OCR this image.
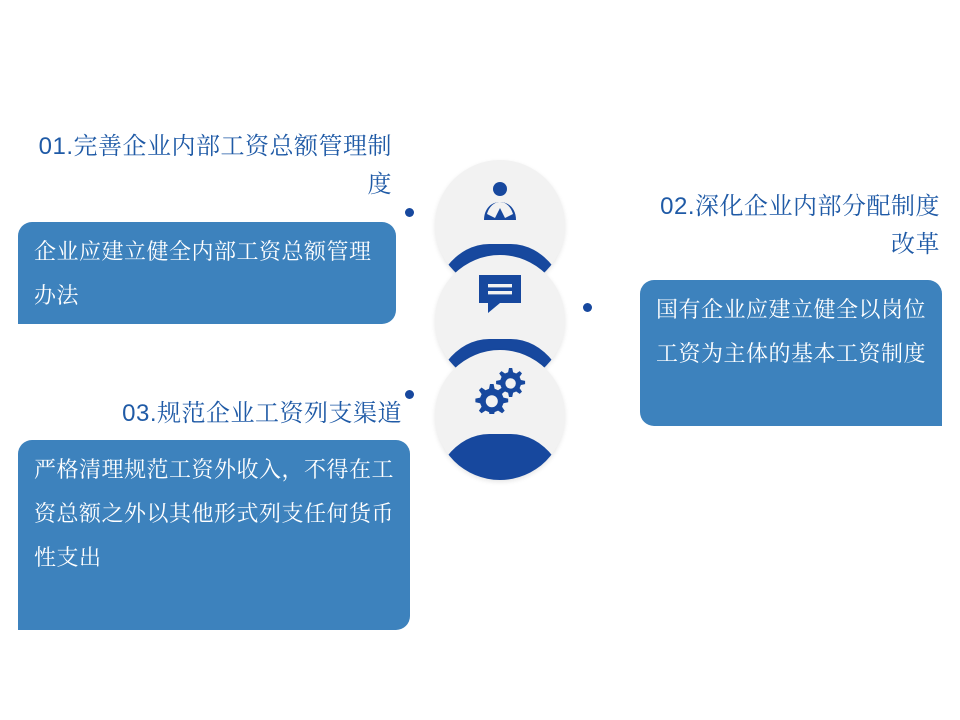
01.完善企业内部工资总额管理制度
企业应建立健全内部工资总额管理办法
02.深化企业内部分配制度改革
国有企业应建立健全以岗位工资为主体的基本工资制度
03.规范企业工资列支渠道
严格清理规范工资外收入，不得在工资总额之外以其他形式列支任何货币性支出
